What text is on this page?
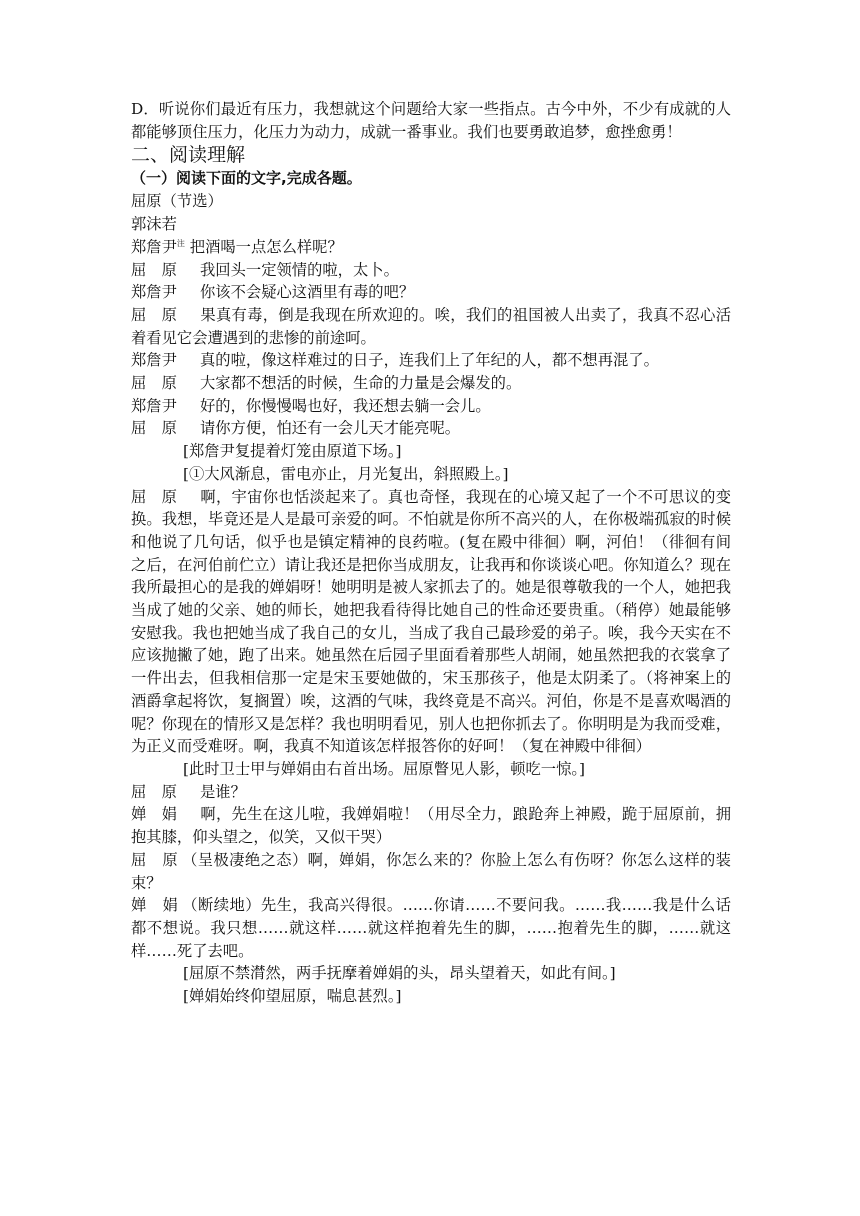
D．听说你们最近有压力，我想就这个问题给大家一些指点。古今中外，不少有成就的人都能够顶住压力，化压力为动力，成就一番事业。我们也要勇敢追梦，愈挫愈勇！

二、阅读理解

（一）阅读下面的文字,完成各题。

屈原（节选）

郭沫若

郑詹尹$^注$ 把酒喝一点怎么样呢？

屈　原 我回头一定领情的啦，太卜。

郑詹尹 你该不会疑心这酒里有毒的吧？

屈　原 果真有毒，倒是我现在所欢迎的。唉，我们的祖国被人出卖了，我真不忍心活着看见它会遭遇到的悲惨的前途呵。

郑詹尹 真的啦，像这样难过的日子，连我们上了年纪的人，都不想再混了。

屈　原 大家都不想活的时候，生命的力量是会爆发的。

郑詹尹 好的，你慢慢喝也好，我还想去躺一会儿。

屈　原 请你方便，怕还有一会儿天才能亮呢。

[郑詹尹复提着灯笼由原道下场。]

[①大风渐息，雷电亦止，月光复出，斜照殿上。]

屈　原 啊，宇宙你也恬淡起来了。真也奇怪，我现在的心境又起了一个不可思议的变换。我想，毕竟还是人是最可亲爱的呵。不怕就是你所不高兴的人，在你极端孤寂的时候和他说了几句话，似乎也是镇定精神的良药啦。(复在殿中徘徊）啊，河伯！（徘徊有间之后，在河伯前伫立）请让我还是把你当成朋友，让我再和你谈谈心吧。你知道么？现在我所最担心的是我的婵娟呀！她明明是被人家抓去了的。她是很尊敬我的一个人，她把我当成了她的父亲、她的师长，她把我看待得比她自己的性命还要贵重。（稍停）她最能够安慰我。我也把她当成了我自己的女儿，当成了我自己最珍爱的弟子。唉，我今天实在不应该抛撇了她，跑了出来。她虽然在后园子里面看着那些人胡闹，她虽然把我的衣裳拿了一件出去，但我相信那一定是宋玉要她做的，宋玉那孩子，他是太阴柔了。（将神案上的酒爵拿起将饮，复搁置）唉，这酒的气味，我终竟是不高兴。河伯，你是不是喜欢喝酒的呢？你现在的情形又是怎样？我也明明看见，别人也把你抓去了。你明明是为我而受难，为正义而受难呀。啊，我真不知道该怎样报答你的好呵！（复在神殿中徘徊）

[此时卫士甲与婵娟由右首出场。屈原瞥见人影，顿吃一惊。]

屈　原 是谁？

婵　娟 啊，先生在这儿啦，我婵娟啦！（用尽全力，踉跄奔上神殿，跪于屈原前，拥抱其膝，仰头望之，似笑，又似干哭）

屈　原 （呈极凄绝之态）啊，婵娟，你怎么来的？你脸上怎么有伤呀？你怎么这样的装束？

婵　娟 （断续地）先生，我高兴得很。……你请……不要问我。……我……我是什么话都不想说。我只想……就这样……就这样抱着先生的脚，……抱着先生的脚，……就这样……死了去吧。

[屈原不禁潸然，两手抚摩着婵娟的头，昂头望着天，如此有间。]

[婵娟始终仰望屈原，喘息甚烈。]
